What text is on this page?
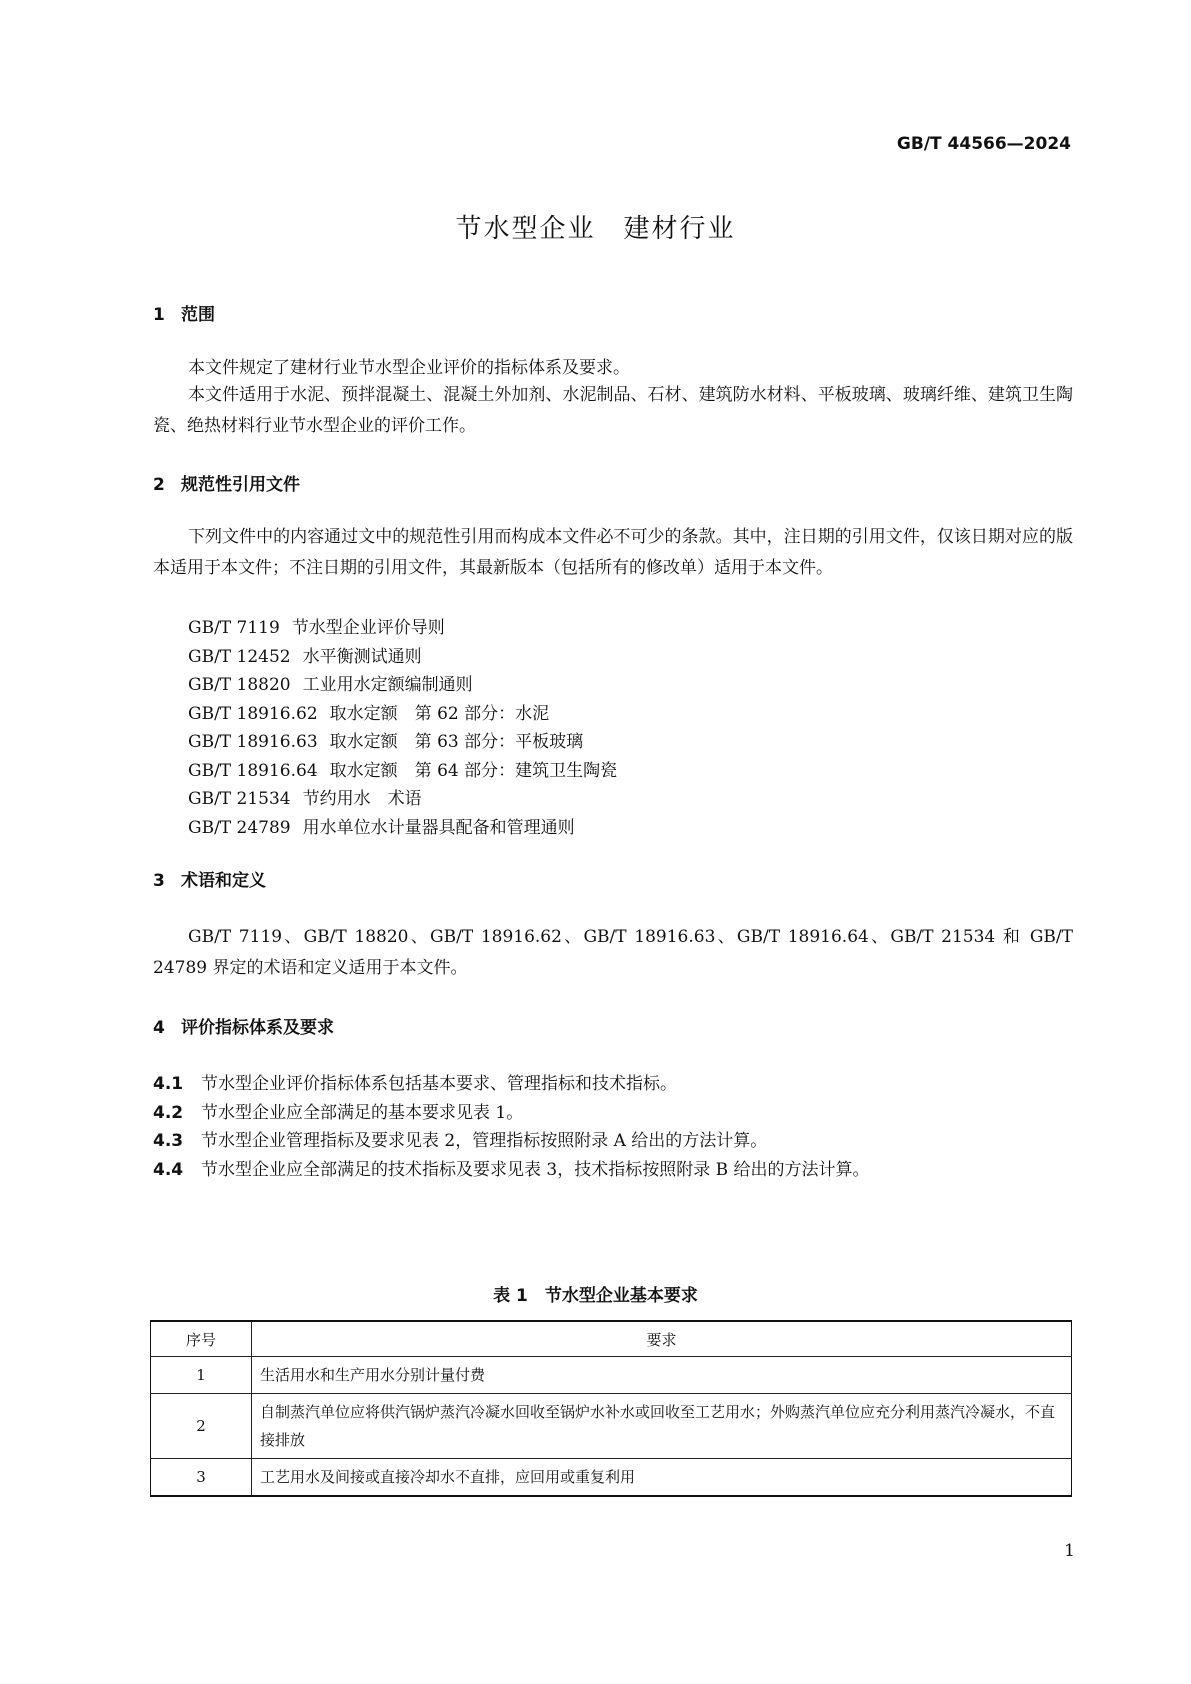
GB/T 44566—2024
节水型企业　建材行业
1 范围
本文件规定了建材行业节水型企业评价的指标体系及要求。
本文件适用于水泥、预拌混凝土、混凝土外加剂、水泥制品、石材、建筑防水材料、平板玻璃、玻璃纤维、建筑卫生陶瓷、绝热材料行业节水型企业的评价工作。
2 规范性引用文件
下列文件中的内容通过文中的规范性引用而构成本文件必不可少的条款。其中，注日期的引用文件，仅该日期对应的版本适用于本文件；不注日期的引用文件，其最新版本（包括所有的修改单）适用于本文件。
GB/T 7119 节水型企业评价导则
GB/T 12452 水平衡测试通则
GB/T 18820 工业用水定额编制通则
GB/T 18916.62 取水定额　第 62 部分：水泥
GB/T 18916.63 取水定额　第 63 部分：平板玻璃
GB/T 18916.64 取水定额　第 64 部分：建筑卫生陶瓷
GB/T 21534 节约用水　术语
GB/T 24789 用水单位水计量器具配备和管理通则
3 术语和定义
GB/T 7119、GB/T 18820、GB/T 18916.62、GB/T 18916.63、GB/T 18916.64、GB/T 21534 和 GB/T 24789 界定的术语和定义适用于本文件。
4 评价指标体系及要求
4.1 节水型企业评价指标体系包括基本要求、管理指标和技术指标。
4.2 节水型企业应全部满足的基本要求见表 1。
4.3 节水型企业管理指标及要求见表 2，管理指标按照附录 A 给出的方法计算。
4.4 节水型企业应全部满足的技术指标及要求见表 3，技术指标按照附录 B 给出的方法计算。
表 1　节水型企业基本要求
序号	要求
1	生活用水和生产用水分别计量付费
2	自制蒸汽单位应将供汽锅炉蒸汽冷凝水回收至锅炉水补水或回收至工艺用水；外购蒸汽单位应充分利用蒸汽冷凝水，不直接排放
3	工艺用水及间接或直接冷却水不直排，应回用或重复利用
1
